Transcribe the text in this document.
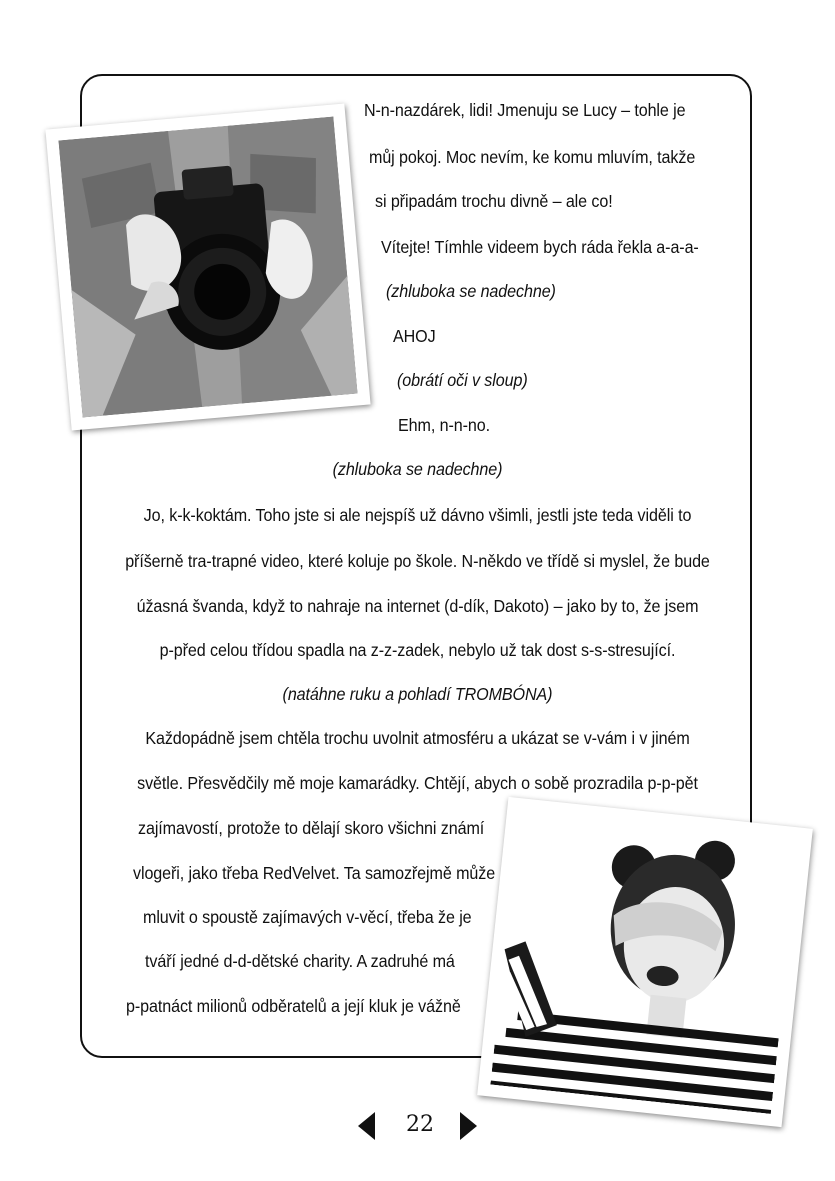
N-n-nazdárek, lidi! Jmenuju se Lucy – tohle je
můj pokoj. Moc nevím, ke komu mluvím, takže
si připadám trochu divně – ale co!
Vítejte! Tímhle videem bych ráda řekla a-a-a-
(zhluboka se nadechne)
AHOJ
(obrátí oči v sloup)
Ehm, n-n-no.
(zhluboka se nadechne)
Jo, k-k-koktám. Toho jste si ale nejspíš už dávno všimli, jestli jste teda viděli to
příšerně tra-trapné video, které koluje po škole. N-někdo ve třídě si myslel, že bude
úžasná švanda, když to nahraje na internet (d-dík, Dakoto) – jako by to, že jsem
p-před celou třídou spadla na z-z-zadek, nebylo už tak dost s-s-stresující.
(natáhne ruku a pohladí TROMBÓNA)
Každopádně jsem chtěla trochu uvolnit atmosféru a ukázat se v-vám i v jiném
světle. Přesvědčily mě moje kamarádky. Chtějí, abych o sobě prozradila p-p-pět
zajímavostí, protože to dělají skoro všichni známí
vlogeři, jako třeba RedVelvet. Ta samozřejmě může
mluvit o spoustě zajímavých v-věcí, třeba že je
tváří jedné d-d-dětské charity. A zadruhé má
p-patnáct milionů odběratelů a její kluk je vážně
22
